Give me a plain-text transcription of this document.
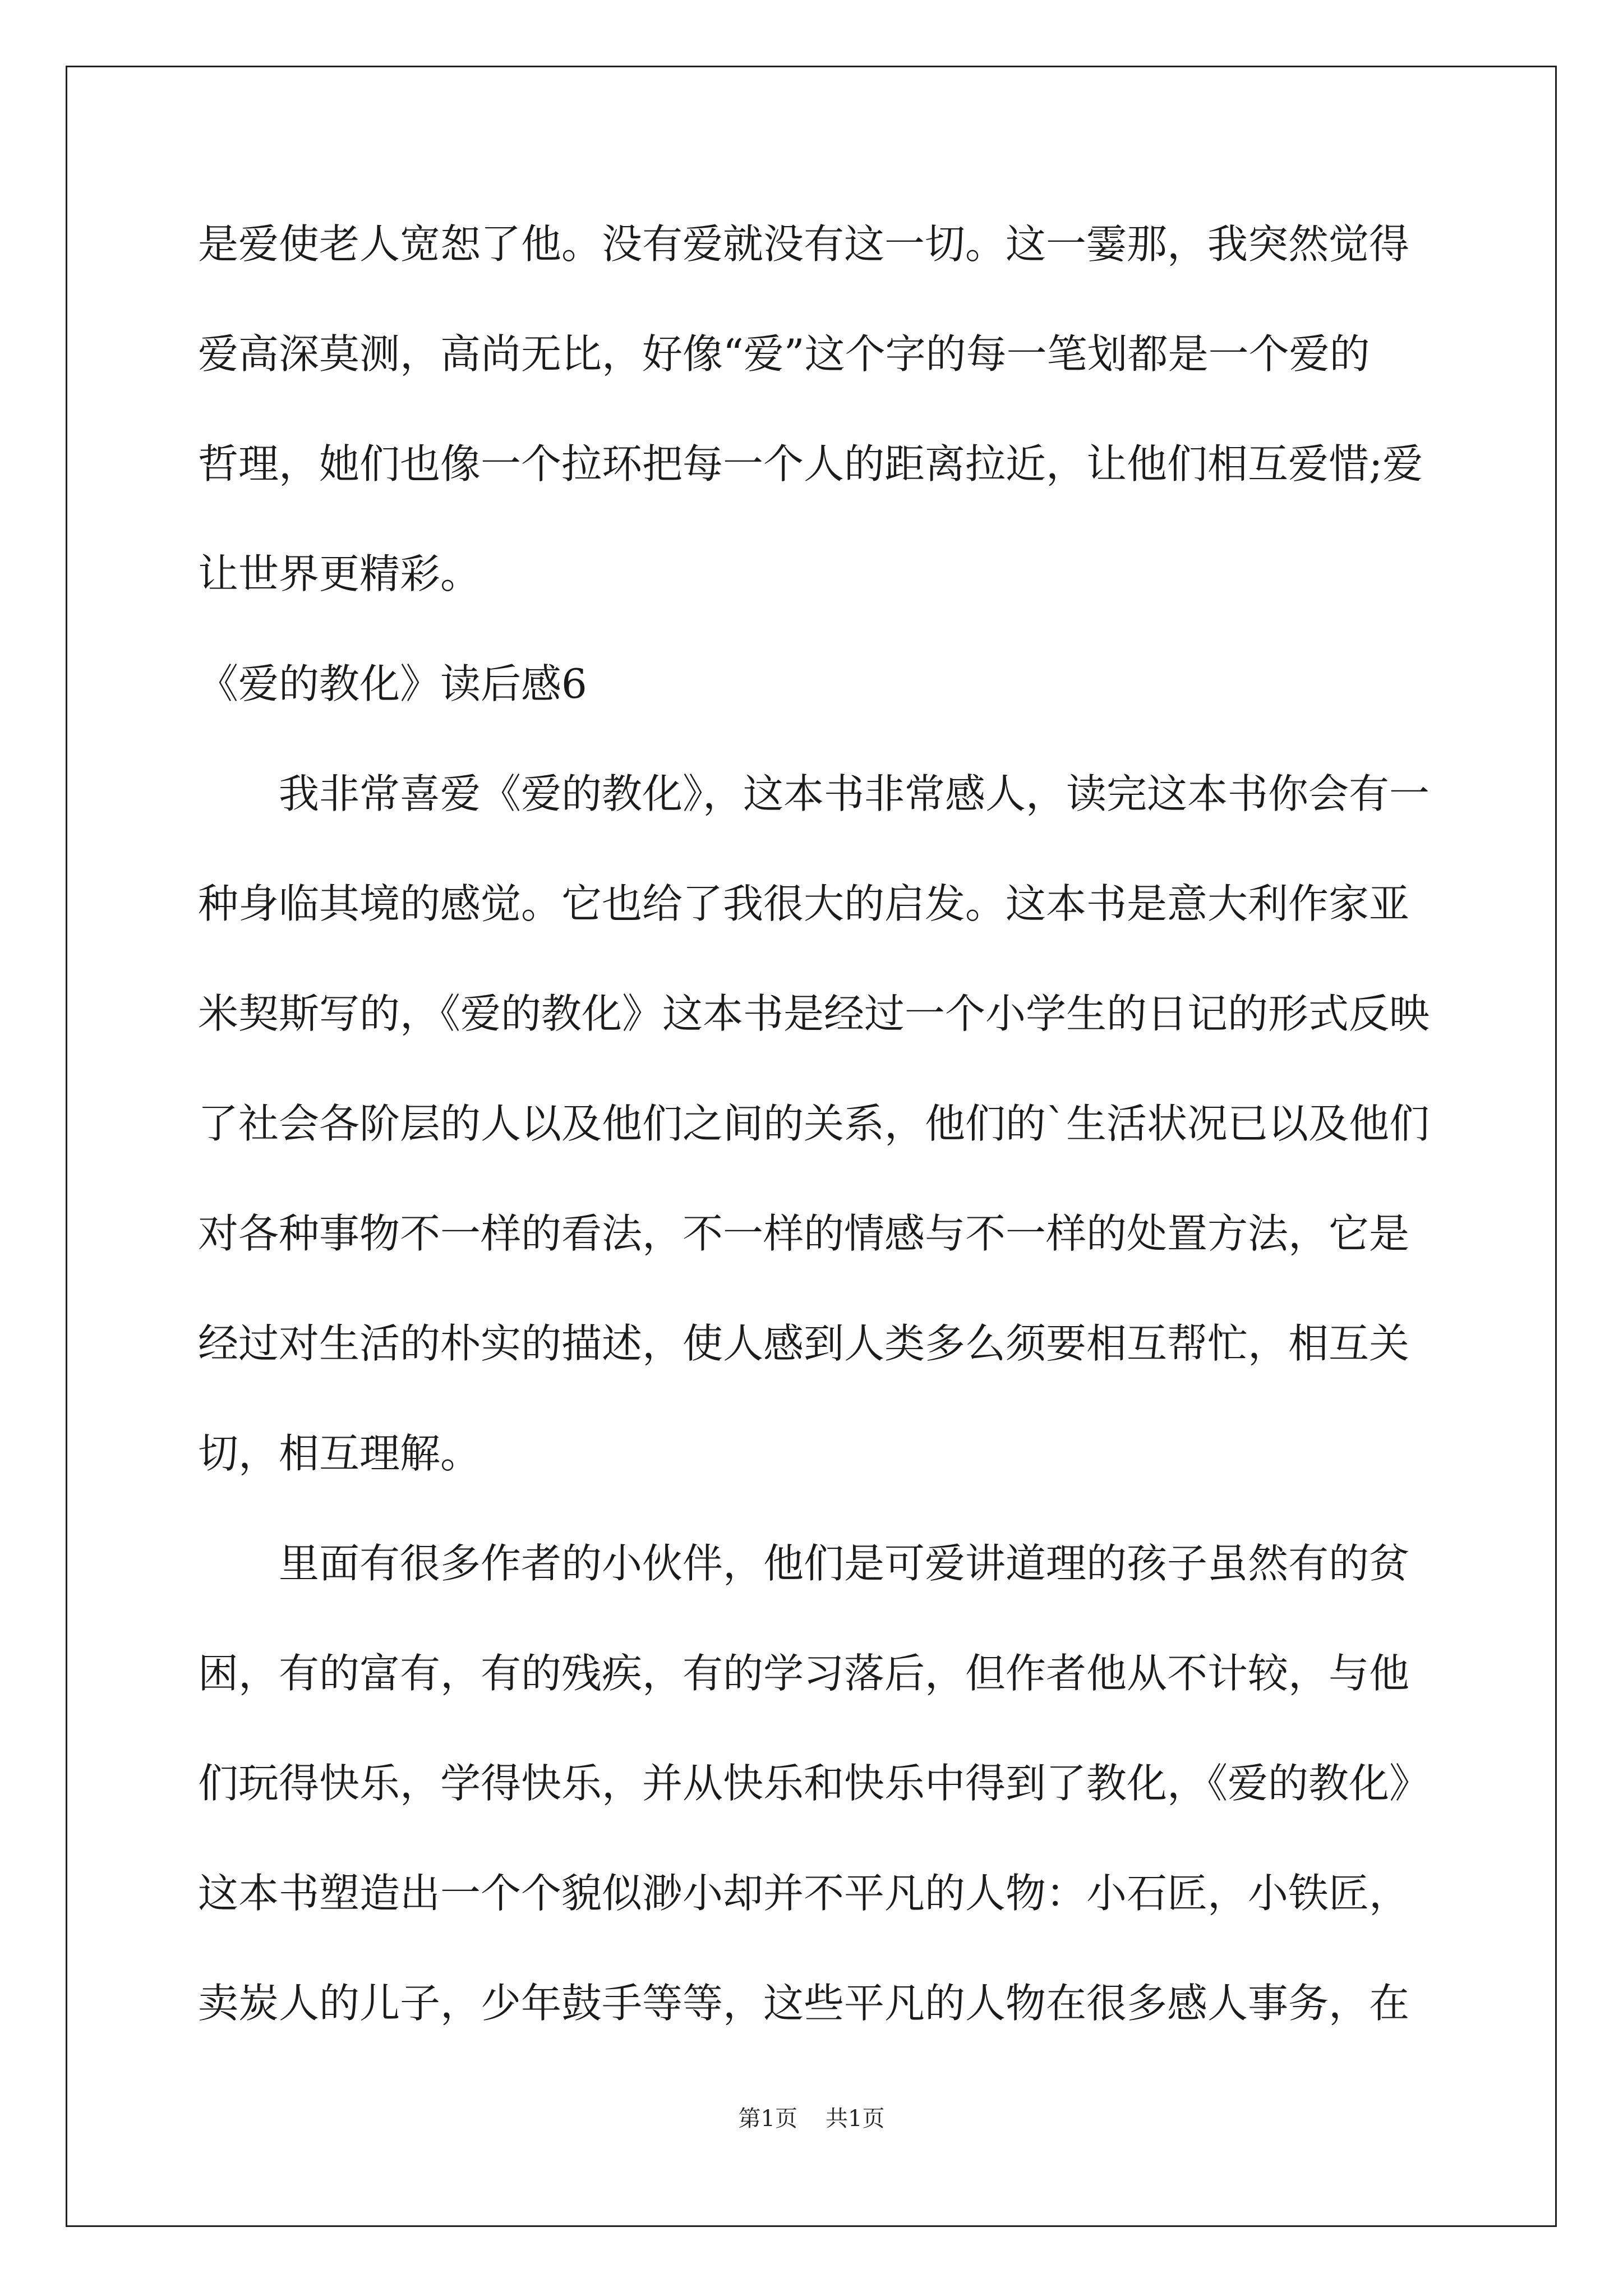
是爱使老人宽恕了他。没有爱就没有这一切。这一霎那，我突然觉得
爱高深莫测，高尚无比，好像“爱”这个字的每一笔划都是一个爱的
哲理，她们也像一个拉环把每一个人的距离拉近，让他们相互爱惜;爱
让世界更精彩。
《爱的教化》读后感6
我非常喜爱《爱的教化》，这本书非常感人，读完这本书你会有一
种身临其境的感觉。它也给了我很大的启发。这本书是意大利作家亚
米契斯写的，《爱的教化》这本书是经过一个小学生的日记的形式反映
了社会各阶层的人以及他们之间的关系，他们的`生活状况已以及他们
对各种事物不一样的看法，不一样的情感与不一样的处置方法，它是
经过对生活的朴实的描述，使人感到人类多么须要相互帮忙，相互关
切，相互理解。
里面有很多作者的小伙伴，他们是可爱讲道理的孩子虽然有的贫
困，有的富有，有的残疾，有的学习落后，但作者他从不计较，与他
们玩得快乐，学得快乐，并从快乐和快乐中得到了教化，《爱的教化》
这本书塑造出一个个貌似渺小却并不平凡的人物：小石匠，小铁匠，
卖炭人的儿子，少年鼓手等等，这些平凡的人物在很多感人事务，在
第1页 共1页
